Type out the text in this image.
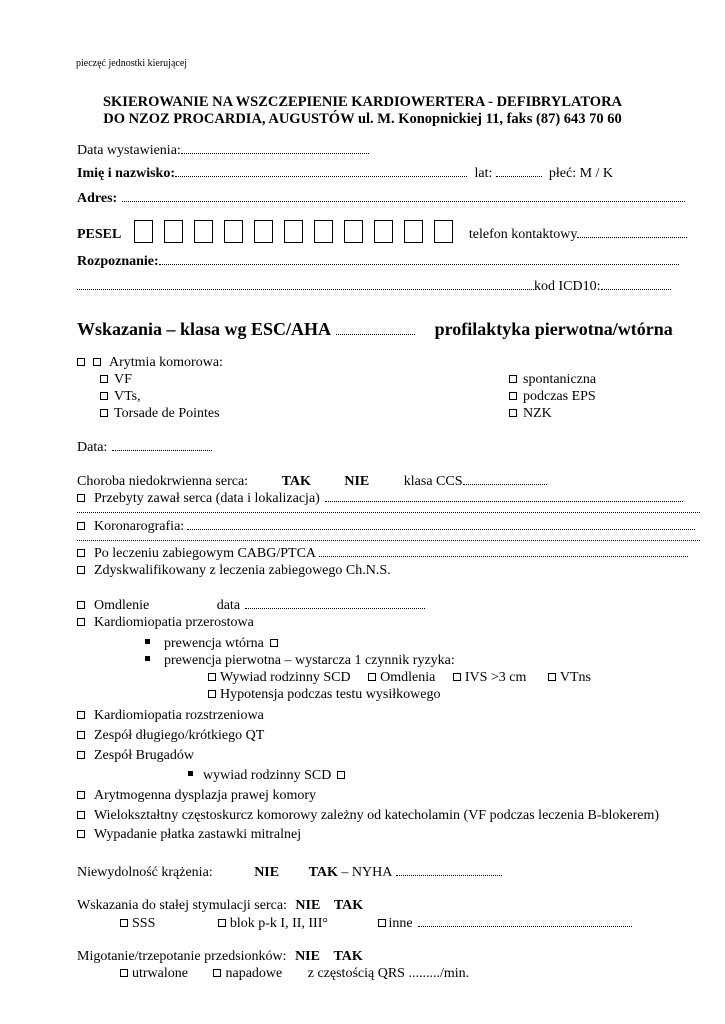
pieczęć jednostki kierującej
SKIEROWANIE NA WSZCZEPIENIE KARDIOWERTERA - DEFIBRYLATORA
DO NZOZ PROCARDIA, AUGUSTÓW ul. M. Konopnickiej 11, faks (87) 643 70 60
Data wystawienia:
Imię i nazwisko:	lat:	płeć: M / K
Adres:
PESEL	telefon kontaktowy
Rozpoznanie:
kod ICD10:
Wskazania – klasa wg ESC/AHA	profilaktyka pierwotna/wtórna
Arytmia komorowa:
VF
VTs,
Torsade de Pointes
spontaniczna
podczas EPS
NZK
Data:
Choroba niedokrwienna serca: TAK NIE klasa CCS
Przebyty zawał serca (data i lokalizacja)
Koronarografia:
Po leczeniu zabiegowym CABG/PTCA
Zdyskwalifikowany z leczenia zabiegowego Ch.N.S.
Omdlenie	data
Kardiomiopatia przerostowa
prewencja wtórna
prewencja pierwotna – wystarcza 1 czynnik ryzyka:
Wywiad rodzinny SCD Omdlenia IVS >3 cm VTns
Hypotensja podczas testu wysiłkowego
Kardiomiopatia rozstrzeniowa
Zespół długiego/krótkiego QT
Zespół Brugadów
wywiad rodzinny SCD
Arytmogenna dysplazja prawej komory
Wielokształtny częstoskurcz komorowy zależny od katecholamin (VF podczas leczenia B-blokerem)
Wypadanie płatka zastawki mitralnej
Niewydolność krążenia:	NIE TAK – NYHA
Wskazania do stałej stymulacji serca: NIE TAK
SSS	blok p-k I, II, III°	inne
Migotanie/trzepotanie przedsionków: NIE TAK
utrwalone	napadowe z częstością QRS ........./min.
